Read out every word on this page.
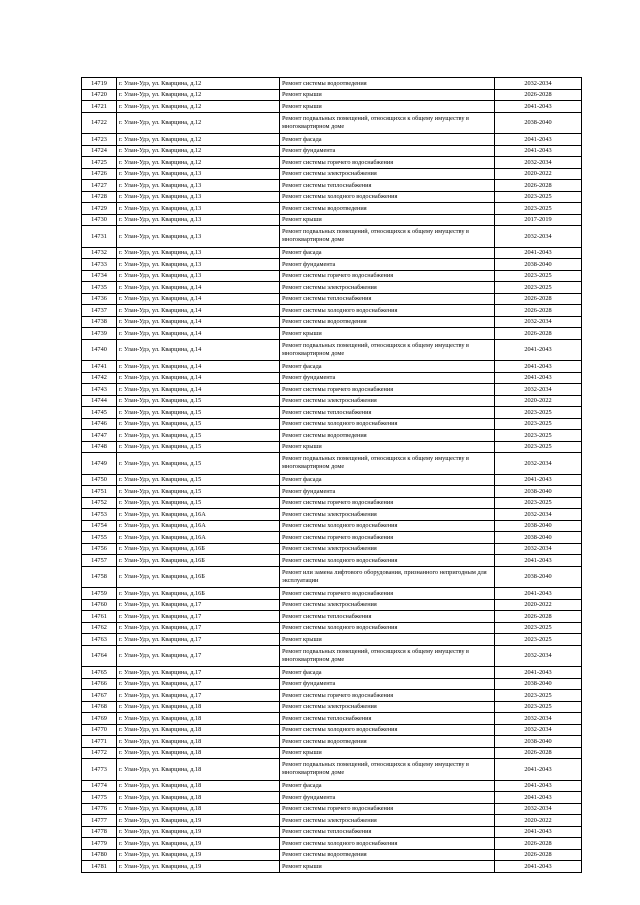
14719	г. Улан-Удэ, ул. Кварцина, д.12	Ремонт системы водоотведения	2032-2034
14720	г. Улан-Удэ, ул. Кварцина, д.12	Ремонт крыши	2026-2028
14721	г. Улан-Удэ, ул. Кварцина, д.12	Ремонт крыши	2041-2043
14722	г. Улан-Удэ, ул. Кварцина, д.12	Ремонт подвальных помещений, относящихся к общему имуществу в многоквартирном доме	2038-2040
14723	г. Улан-Удэ, ул. Кварцина, д.12	Ремонт фасада	2041-2043
14724	г. Улан-Удэ, ул. Кварцина, д.12	Ремонт фундамента	2041-2043
14725	г. Улан-Удэ, ул. Кварцина, д.12	Ремонт системы горячего водоснабжения	2032-2034
14726	г. Улан-Удэ, ул. Кварцина, д.13	Ремонт системы электроснабжения	2020-2022
14727	г. Улан-Удэ, ул. Кварцина, д.13	Ремонт системы теплоснабжения	2026-2028
14728	г. Улан-Удэ, ул. Кварцина, д.13	Ремонт системы холодного водоснабжения	2023-2025
14729	г. Улан-Удэ, ул. Кварцина, д.13	Ремонт системы водоотведения	2023-2025
14730	г. Улан-Удэ, ул. Кварцина, д.13	Ремонт крыши	2017-2019
14731	г. Улан-Удэ, ул. Кварцина, д.13	Ремонт подвальных помещений, относящихся к общему имуществу в многоквартирном доме	2032-2034
14732	г. Улан-Удэ, ул. Кварцина, д.13	Ремонт фасада	2041-2043
14733	г. Улан-Удэ, ул. Кварцина, д.13	Ремонт фундамента	2038-2040
14734	г. Улан-Удэ, ул. Кварцина, д.13	Ремонт системы горячего водоснабжения	2023-2025
14735	г. Улан-Удэ, ул. Кварцина, д.14	Ремонт системы электроснабжения	2023-2025
14736	г. Улан-Удэ, ул. Кварцина, д.14	Ремонт системы теплоснабжения	2026-2028
14737	г. Улан-Удэ, ул. Кварцина, д.14	Ремонт системы холодного водоснабжения	2026-2028
14738	г. Улан-Удэ, ул. Кварцина, д.14	Ремонт системы водоотведения	2032-2034
14739	г. Улан-Удэ, ул. Кварцина, д.14	Ремонт крыши	2026-2028
14740	г. Улан-Удэ, ул. Кварцина, д.14	Ремонт подвальных помещений, относящихся к общему имуществу в многоквартирном доме	2041-2043
14741	г. Улан-Удэ, ул. Кварцина, д.14	Ремонт фасада	2041-2043
14742	г. Улан-Удэ, ул. Кварцина, д.14	Ремонт фундамента	2041-2043
14743	г. Улан-Удэ, ул. Кварцина, д.14	Ремонт системы горячего водоснабжения	2032-2034
14744	г. Улан-Удэ, ул. Кварцина, д.15	Ремонт системы электроснабжения	2020-2022
14745	г. Улан-Удэ, ул. Кварцина, д.15	Ремонт системы теплоснабжения	2023-2025
14746	г. Улан-Удэ, ул. Кварцина, д.15	Ремонт системы холодного водоснабжения	2023-2025
14747	г. Улан-Удэ, ул. Кварцина, д.15	Ремонт системы водоотведения	2023-2025
14748	г. Улан-Удэ, ул. Кварцина, д.15	Ремонт крыши	2023-2025
14749	г. Улан-Удэ, ул. Кварцина, д.15	Ремонт подвальных помещений, относящихся к общему имуществу в многоквартирном доме	2032-2034
14750	г. Улан-Удэ, ул. Кварцина, д.15	Ремонт фасада	2041-2043
14751	г. Улан-Удэ, ул. Кварцина, д.15	Ремонт фундамента	2038-2040
14752	г. Улан-Удэ, ул. Кварцина, д.15	Ремонт системы горячего водоснабжения	2023-2025
14753	г. Улан-Удэ, ул. Кварцина, д.16А	Ремонт системы электроснабжения	2032-2034
14754	г. Улан-Удэ, ул. Кварцина, д.16А	Ремонт системы холодного водоснабжения	2038-2040
14755	г. Улан-Удэ, ул. Кварцина, д.16А	Ремонт системы горячего водоснабжения	2038-2040
14756	г. Улан-Удэ, ул. Кварцина, д.16Б	Ремонт системы электроснабжения	2032-2034
14757	г. Улан-Удэ, ул. Кварцина, д.16Б	Ремонт системы холодного водоснабжения	2041-2043
14758	г. Улан-Удэ, ул. Кварцина, д.16Б	Ремонт или замена лифтового оборудования, признанного непригодным для эксплуатации	2038-2040
14759	г. Улан-Удэ, ул. Кварцина, д.16Б	Ремонт системы горячего водоснабжения	2041-2043
14760	г. Улан-Удэ, ул. Кварцина, д.17	Ремонт системы электроснабжения	2020-2022
14761	г. Улан-Удэ, ул. Кварцина, д.17	Ремонт системы теплоснабжения	2026-2028
14762	г. Улан-Удэ, ул. Кварцина, д.17	Ремонт системы холодного водоснабжения	2023-2025
14763	г. Улан-Удэ, ул. Кварцина, д.17	Ремонт крыши	2023-2025
14764	г. Улан-Удэ, ул. Кварцина, д.17	Ремонт подвальных помещений, относящихся к общему имуществу в многоквартирном доме	2032-2034
14765	г. Улан-Удэ, ул. Кварцина, д.17	Ремонт фасада	2041-2043
14766	г. Улан-Удэ, ул. Кварцина, д.17	Ремонт фундамента	2038-2040
14767	г. Улан-Удэ, ул. Кварцина, д.17	Ремонт системы горячего водоснабжения	2023-2025
14768	г. Улан-Удэ, ул. Кварцина, д.18	Ремонт системы электроснабжения	2023-2025
14769	г. Улан-Удэ, ул. Кварцина, д.18	Ремонт системы теплоснабжения	2032-2034
14770	г. Улан-Удэ, ул. Кварцина, д.18	Ремонт системы холодного водоснабжения	2032-2034
14771	г. Улан-Удэ, ул. Кварцина, д.18	Ремонт системы водоотведения	2038-2040
14772	г. Улан-Удэ, ул. Кварцина, д.18	Ремонт крыши	2026-2028
14773	г. Улан-Удэ, ул. Кварцина, д.18	Ремонт подвальных помещений, относящихся к общему имуществу в многоквартирном доме	2041-2043
14774	г. Улан-Удэ, ул. Кварцина, д.18	Ремонт фасада	2041-2043
14775	г. Улан-Удэ, ул. Кварцина, д.18	Ремонт фундамента	2041-2043
14776	г. Улан-Удэ, ул. Кварцина, д.18	Ремонт системы горячего водоснабжения	2032-2034
14777	г. Улан-Удэ, ул. Кварцина, д.19	Ремонт системы электроснабжения	2020-2022
14778	г. Улан-Удэ, ул. Кварцина, д.19	Ремонт системы теплоснабжения	2041-2043
14779	г. Улан-Удэ, ул. Кварцина, д.19	Ремонт системы холодного водоснабжения	2026-2028
14780	г. Улан-Удэ, ул. Кварцина, д.19	Ремонт системы водоотведения	2026-2028
14781	г. Улан-Удэ, ул. Кварцина, д.19	Ремонт крыши	2041-2043
